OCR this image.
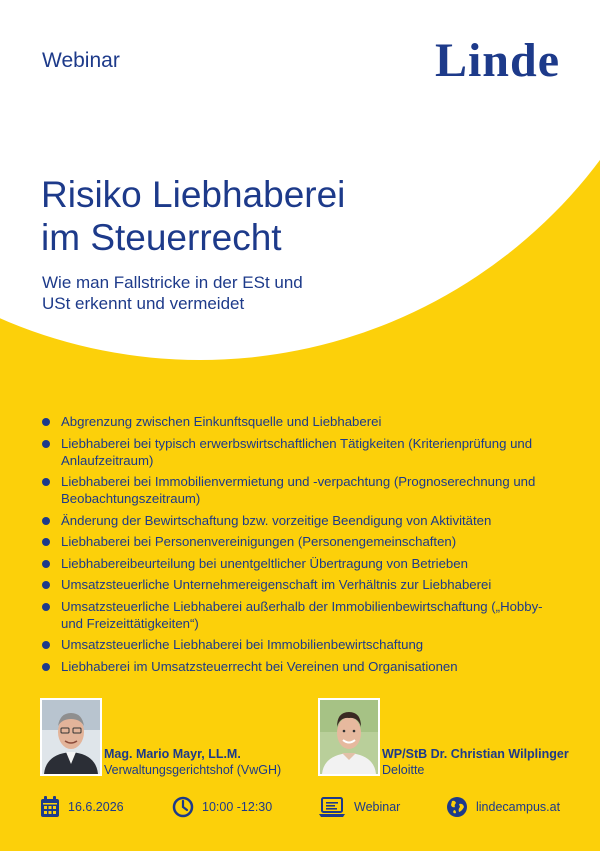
Webinar	Linde
Risiko Liebhaberei
im Steuerrecht
Wie man Fallstricke in der ESt und
USt erkennt und vermeidet
Abgrenzung zwischen Einkunftsquelle und Liebhaberei
Liebhaberei bei typisch erwerbswirtschaftlichen Tätigkeiten (Kriterienprüfung und Anlaufzeitraum)
Liebhaberei bei Immobilienvermietung und -verpachtung (Prognoserechnung und Beobachtungszeitraum)
Änderung der Bewirtschaftung bzw. vorzeitige Beendigung von Aktivitäten
Liebhaberei bei Personenvereinigungen (Personengemeinschaften)
Liebhabereibeurteilung bei unentgeltlicher Übertragung von Betrieben
Umsatzsteuerliche Unternehmereigenschaft im Verhältnis zur Liebhaberei
Umsatzsteuerliche Liebhaberei außerhalb der Immobilienbewirtschaftung („Hobby- und Freizeittätigkeiten“)
Umsatzsteuerliche Liebhaberei bei Immobilienbewirtschaftung
Liebhaberei im Umsatzsteuerrecht bei Vereinen und Organisationen
Mag. Mario Mayr, LL.M.
Verwaltungsgerichtshof (VwGH)
WP/StB Dr. Christian Wilplinger
Deloitte
16.6.2026	10:00 -12:30	Webinar	lindecampus.at
